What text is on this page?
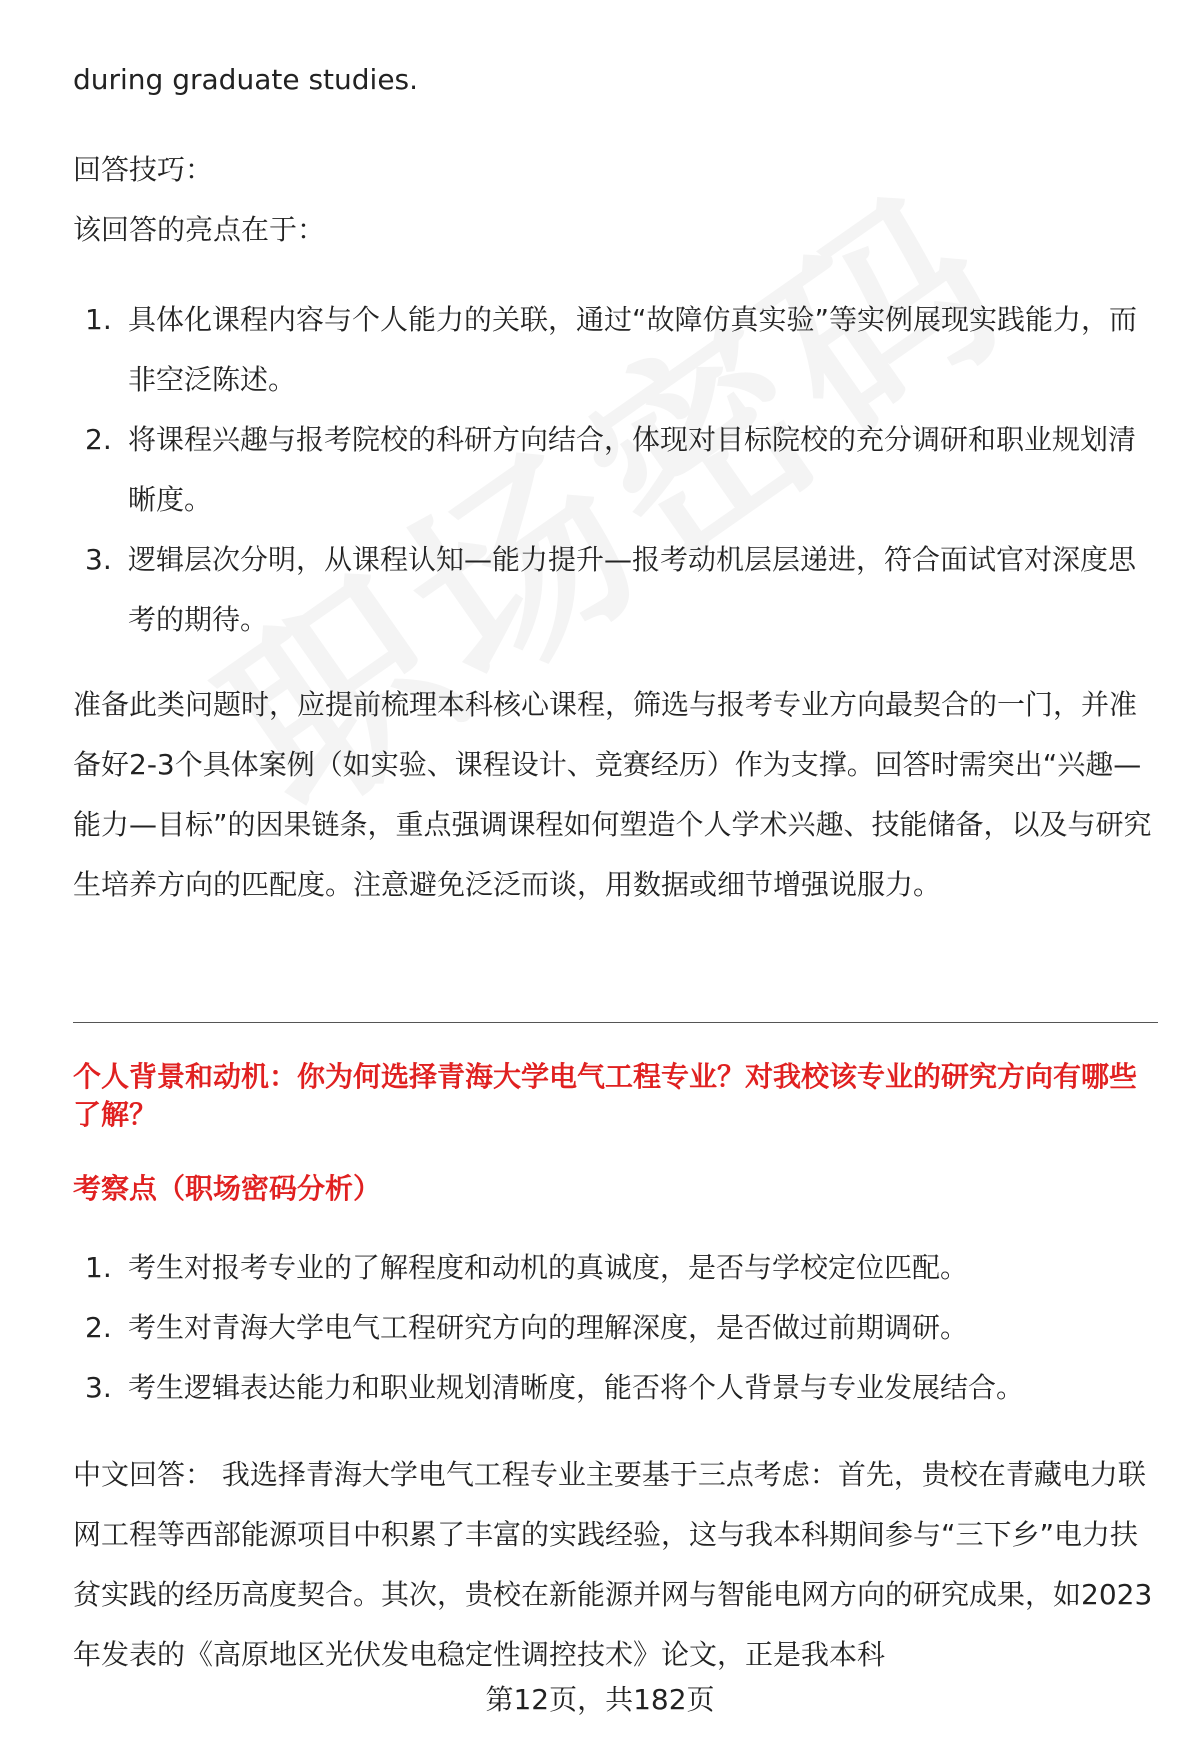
during graduate studies.

回答技巧：

该回答的亮点在于：

1. 具体化课程内容与个人能力的关联，通过“故障仿真实验”等实例展现实践能力，而非空泛陈述。
2. 将课程兴趣与报考院校的科研方向结合，体现对目标院校的充分调研和职业规划清晰度。
3. 逻辑层次分明，从课程认知—能力提升—报考动机层层递进，符合面试官对深度思考的期待。

准备此类问题时，应提前梳理本科核心课程，筛选与报考专业方向最契合的一门，并准备好2-3个具体案例（如实验、课程设计、竞赛经历）作为支撑。回答时需突出“兴趣—能力—目标”的因果链条，重点强调课程如何塑造个人学术兴趣、技能储备，以及与研究生培养方向的匹配度。注意避免泛泛而谈，用数据或细节增强说服力。

个人背景和动机：你为何选择青海大学电气工程专业？对我校该专业的研究方向有哪些了解？

考察点（职场密码分析）

1. 考生对报考专业的了解程度和动机的真诚度，是否与学校定位匹配。
2. 考生对青海大学电气工程研究方向的理解深度，是否做过前期调研。
3. 考生逻辑表达能力和职业规划清晰度，能否将个人背景与专业发展结合。

中文回答： 我选择青海大学电气工程专业主要基于三点考虑：首先，贵校在青藏电力联网工程等西部能源项目中积累了丰富的实践经验，这与我本科期间参与“三下乡”电力扶贫实践的经历高度契合。其次，贵校在新能源并网与智能电网方向的研究成果，如2023年发表的《高原地区光伏发电稳定性调控技术》论文，正是我本科

第12页，共182页
